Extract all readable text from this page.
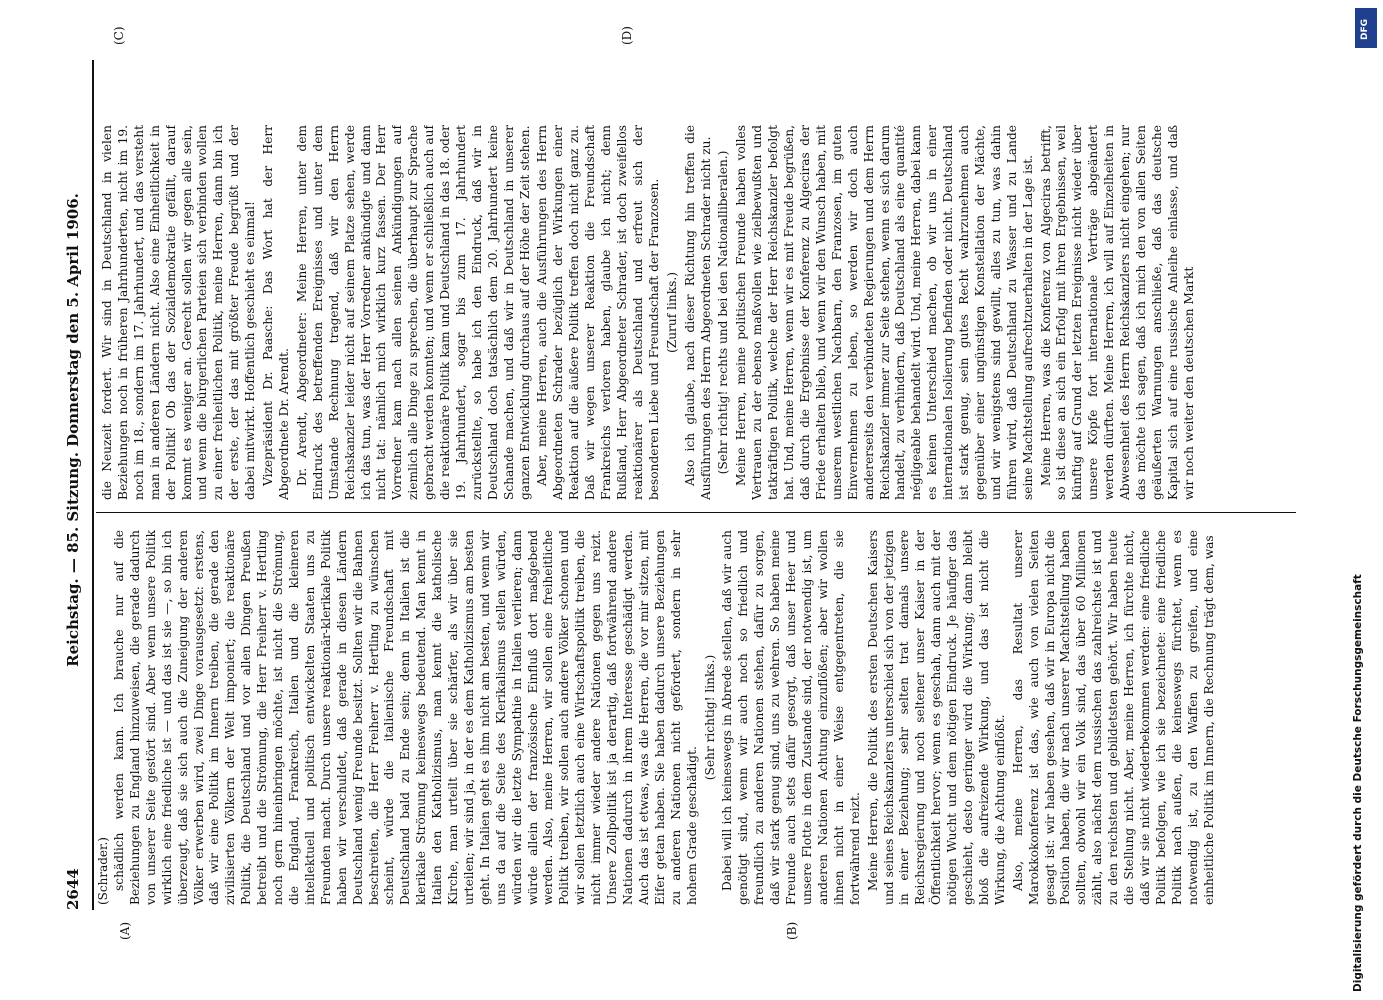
2644
Reichstag. — 85. Sitzung. Donnerstag den 5. April 1906.
(A)	(B)
(C)	(D)
(Schrader.) schädlich werden kann. Ich brauche nur auf die Beziehungen zu England hinzuweisen, die gerade dadurch von unserer Seite gestört sind. Aber wenn unsere Politik wirklich eine friedliche ist — und das ist sie —, so bin ich überzeugt, daß sie sich auch die Zuneigung der anderen Völker erwerben wird, zwei Dinge vorausgesetzt: erstens, daß wir eine Politik im Innern treiben, die gerade den zivilisierten Völkern der Welt imponiert; die reaktionäre Politik, die Deutschland und vor allen Dingen Preußen betreibt und die Strömung, die Herr Freiherr v. Hertling noch gern hineinbringen möchte, ist nicht die Strömung, die England, Frankreich, Italien und die kleineren intellektuell und politisch entwickelten Staaten uns zu Freunden macht. Durch unsere reaktionär-klerikale Politik haben wir verschuldet, daß gerade in diesen Ländern Deutschland wenig Freunde besitzt. Sollten wir die Bahnen beschreiten, die Herr Freiherr v. Hertling zu wünschen scheint, würde die italienische Freundschaft mit Deutschland bald zu Ende sein; denn in Italien ist die klerikale Strömung keineswegs bedeutend. Man kennt in Italien den Katholizismus, man kennt die katholische Kirche, man urteilt über sie schärfer, als wir über sie urteilen; wir sind ja, in der es dem Katholizismus am besten geht. In Italien geht es ihm nicht am besten, und wenn wir uns da auf die Seite des Klerikalismus stellen würden, würden wir die letzte Sympathie in Italien verlieren; dann würde allein der französische Einfluß dort maßgebend werden. Also, meine Herren, wir sollen eine freiheitliche Politik treiben, wir sollen auch andere Völker schonen und wir sollen letztlich auch eine Wirtschaftspolitik treiben, die nicht immer wieder andere Nationen gegen uns reizt. Unsere Zollpolitik ist ja derartig, daß fortwährend andere Nationen dadurch in ihrem Interesse geschädigt werden. Auch das ist etwas, was die Herren, die vor mir sitzen, mit Eifer getan haben. Sie haben dadurch unsere Beziehungen zu anderen Nationen nicht gefördert, sondern in sehr hohem Grade geschädigt.

(Sehr richtig! links.) Dabei will ich keineswegs in Abrede stellen, daß wir auch genötigt sind, wenn wir auch noch so friedlich und freundlich zu anderen Nationen stehen, dafür zu sorgen, daß wir stark genug sind, uns zu wehren. So haben meine Freunde auch stets dafür gesorgt, daß unser Heer und unsere Flotte in dem Zustande sind, der notwendig ist, um anderen Nationen Achtung einzuflößen; aber wir wollen ihnen nicht in einer Weise entgegentreten, die sie fortwährend reizt. Meine Herren, die Politik des ersten Deutschen Kaisers und seines Reichskanzlers unterschied sich von der jetzigen in einer Beziehung; sehr selten trat damals unsere Reichsregierung und noch seltener unser Kaiser in der Öffentlichkeit hervor; wenn es geschah, dann auch mit der nötigen Wucht und dem nötigen Eindruck. Je häufiger das geschieht, desto geringer wird die Wirkung; dann bleibt bloß die aufreizende Wirkung, und das ist nicht die Wirkung, die Achtung einflößt. Also, meine Herren, das Resultat unserer Marokkokonferenz ist das, wie auch von vielen Seiten gesagt ist: wir haben gesehen, daß wir in Europa nicht die Position haben, die wir nach unserer Machtstellung haben sollten, obwohl wir ein Volk sind, das über 60 Millionen zählt, also nächst dem russischen das zahlreichste ist und zu den reichsten und gebildetsten gehört. Wir haben heute die Stellung nicht. Aber, meine Herren, ich fürchte nicht, daß wir sie nicht wiederbekommen werden: eine friedliche Politik befolgen, wie ich sie bezeichnete: eine friedliche Politik nach außen, die keineswegs fürchtet, wenn es notwendig ist, zu den Waffen zu greifen, und eine einheitliche Politik im Innern, die Rechnung trägt dem, was

die Neuzeit fordert. Wir sind in Deutschland in vielen Beziehungen noch in früheren Jahrhunderten, nicht im 19. noch im 18., sondern im 17. Jahrhundert, und das versteht man in anderen Ländern nicht. Also eine Einheitlichkeit in der Politik! Ob das der Sozialdemokratie gefällt, darauf kommt es weniger an. Gerecht sollen wir gegen alle sein, und wenn die bürgerlichen Parteien sich verbinden wollen zu einer freiheitlichen Politik, meine Herren, dann bin ich der erste, der das mit größter Freude begrüßt und der dabei mitwirkt. Hoffentlich geschieht es einmal! Vizepräsident Dr. Paasche: Das Wort hat der Herr Abgeordnete Dr. Arendt. Dr. Arendt, Abgeordneter: Meine Herren, unter dem Eindruck des betreffenden Ereignisses und unter dem Umstande Rechnung tragend, daß wir den Herrn Reichskanzler leider nicht auf seinem Platze sehen, werde ich das tun, was der Herr Vorredner ankündigte und dann nicht tat: nämlich mich wirklich kurz fassen. Der Herr Vorredner kam nach allen seinen Ankündigungen auf ziemlich alle Dinge zu sprechen, die überhaupt zur Sprache gebracht werden konnten; und wenn er schließlich auch auf die reaktionäre Politik kam und Deutschland in das 18. oder 19. Jahrhundert, sogar bis zum 17. Jahrhundert zurückstellte, so habe ich den Eindruck, daß wir in Deutschland doch tatsächlich dem 20. Jahrhundert keine Schande machen, und daß wir in Deutschland in unserer ganzen Entwicklung durchaus auf der Höhe der Zeit stehen. Aber, meine Herren, auch die Ausführungen des Herrn Abgeordneten Schrader bezüglich der Wirkungen einer Reaktion auf die äußere Politik treffen doch nicht ganz zu. Daß wir wegen unserer Reaktion die Freundschaft Frankreichs verloren haben, glaube ich nicht; denn Rußland, Herr Abgeordneter Schrader, ist doch zweifellos reaktionärer als Deutschland und erfreut sich der besonderen Liebe und Freundschaft der Franzosen. (Zuruf links.) Also ich glaube, nach dieser Richtung hin treffen die Ausführungen des Herrn Abgeordneten Schrader nicht zu. (Sehr richtig! rechts und bei den Nationalliberalen.) Meine Herren, meine politischen Freunde haben volles Vertrauen zu der ebenso maßvollen wie zielbewußten und tatkräftigen Politik, welche der Herr Reichskanzler befolgt hat. Und, meine Herren, wenn wir es mit Freude begrüßen, daß durch die Ergebnisse der Konferenz zu Algeciras der Friede erhalten blieb, und wenn wir den Wunsch haben, mit unserem westlichen Nachbarn, den Franzosen, im guten Einvernehmen zu leben, so werden wir doch auch andererseits den verbündeten Regierungen und dem Herrn Reichskanzler immer zur Seite stehen, wenn es sich darum handelt, zu verhindern, daß Deutschland als eine quantité négligeable behandelt wird. Und, meine Herren, dabei kann es keinen Unterschied machen, ob wir uns in einer internationalen Isolierung befinden oder nicht. Deutschland ist stark genug, sein gutes Recht wahrzunehmen auch gegenüber einer ungünstigen Konstellation der Mächte, und wir wenigstens sind gewillt, alles zu tun, was dahin führen wird, daß Deutschland zu Wasser und zu Lande seine Machtstellung aufrechtzuerhalten in der Lage ist. Meine Herren, was die Konferenz von Algeciras betrifft, so ist diese an sich ein Erfolg mit ihren Ergebnissen, weil künftig auf Grund der letzten Ereignisse nicht wieder über unsere Köpfe fort internationale Verträge abgeändert werden dürften. Meine Herren, ich will auf Einzelheiten in Abwesenheit des Herrn Reichskanzlers nicht eingehen; nur das möchte ich sagen, daß ich mich den von allen Seiten geäußerten Warnungen anschließe, daß das deutsche Kapital sich auf eine russische Anleihe einlasse, und daß wir noch weiter den deutschen Markt

Digitalisierung gefördert durch die Deutsche Forschungsgemeinschaft
DFG
